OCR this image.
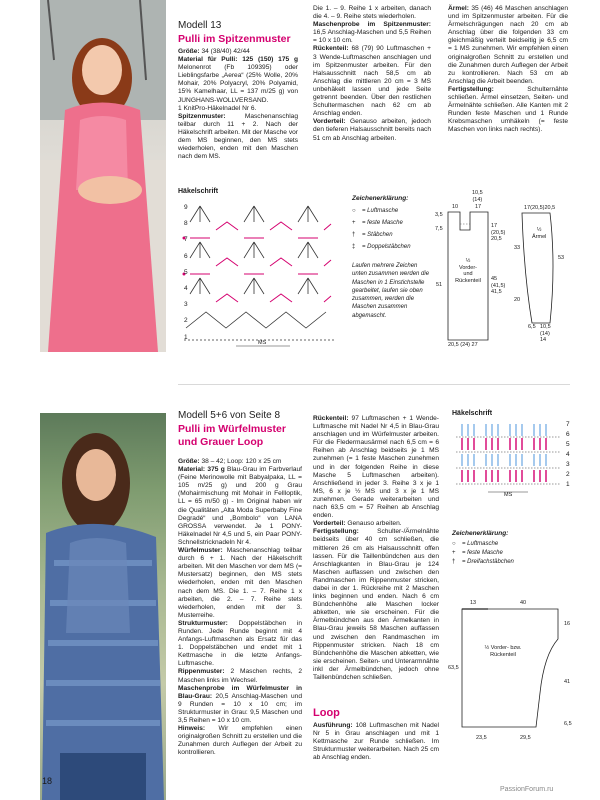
Modell 13
Pulli im Spitzenmuster

Größe: 34 (38/40) 42/44

Material für Pulli: 125 (150) 175 g Melonenrot (Fb 109395) oder Lieblingsfarbe „Aerea“ (25% Wolle, 20% Mohair, 20% Polyacryl, 20% Polyamid, 15% Kamelhaar, LL = 137 m/25 g) von JUNGHANS-WOLLVERSAND.

1 KnitPro-Häkelnadel Nr 6.

Spitzenmuster: Maschenanschlag teilbar durch 11 + 2. Nach der Häkelschrift arbeiten. Mit der Masche vor dem MS beginnen, den MS stets wiederholen, enden mit den Maschen nach dem MS.

Die 1. – 9. Reihe 1 x arbeiten, danach die 4. – 9. Reihe stets wiederholen.

Maschenprobe im Spitzenmuster: 16,5 Anschlag-Maschen und 5,5 Reihen = 10 x 10 cm.

Rückenteil: 68 (79) 90 Luftmaschen + 3 Wende-Luftmaschen anschlagen und im Spitzenmuster arbeiten. Für den Halsausschnitt nach 58,5 cm ab Anschlag die mittleren 20 cm = 3 MS unbehäkelt lassen und jede Seite getrennt beenden. Über den restlichen Schultermaschen nach 62 cm ab Anschlag enden.

Vorderteil: Genauso arbeiten, jedoch den tieferen Halsausschnitt bereits nach 51 cm ab Anschlag arbeiten.

Ärmel: 35 (46) 46 Maschen anschlagen und im Spitzenmuster arbeiten. Für die Ärmelschrägungen nach 20 cm ab Anschlag über die folgenden 33 cm gleichmäßig verteilt beidseitig je 6,5 cm = 1 MS zunehmen. Wir empfehlen einen originalgroßen Schnitt zu erstellen und die Zunahmen durch Auflegen der Arbeit zu kontrollieren. Nach 53 cm ab Anschlag die Arbeit beenden.

Fertigstellung: Schulternähte schließen. Ärmel einsetzen, Seiten- und Ärmelnähte schließen. Alle Kanten mit 2 Runden feste Maschen und 1 Runde Krebsmaschen umhäkeln (= feste Maschen von links nach rechts).

Häkelschrift
9
8
7
6
5
4
3
2
1
MS
Zeichenerklärung:
○ = Luftmasche
+ = feste Masche
† = Stäbchen
‡ = Doppelstäbchen
Laufen mehrere Zeichen unten zusammen werden die Maschen in 1 Einstichstelle gearbeitet, laufen sie oben zusammen, werden die Maschen zusammen abgemascht.
10,5
(14)
17
10
3,5
7,5	17
(20,5)
20,5
45
(41,5)
41,5
51
½
Vorder-
und
Rückenteil
20,5 (24) 27
17(20,5)20,5
½
Ärmel
33
53
20
6,5 10,5
(14)
14
Modell 5+6 von Seite 8
Pulli im Würfelmuster und Grauer Loop

Größe: 38 – 42; Loop: 120 x 25 cm

Material: 375 g Blau-Grau im Farbverlauf (Feine Merinowolle mit Babyalpaka, LL = 105 m/25 g) und 200 g Grau (Mohairmischung mit Mohair in Fellloptik, LL = 65 m/50 g) - Im Original haben wir die Qualitäten „Alta Moda Superbaby Fine Degradé“ und „Bombolo“ von LANA GROSSA verwendet. Je 1 PONY-Häkelnadel Nr 4,5 und 5, ein Paar PONY-Schnellstricknadeln Nr 4.

Würfelmuster: Maschenanschlag teilbar durch 6 + 1. Nach der Häkelschrift arbeiten. Mit den Maschen vor dem MS (= Mustersatz) beginnen, den MS stets wiederholen, enden mit den Maschen nach dem MS. Die 1. – 7. Reihe 1 x arbeiten, die 2. – 7. Reihe stets wiederholen, enden mit der 3. Musterreihe.

Strukturmuster: Doppelstäbchen in Runden. Jede Runde beginnt mit 4 Anfangs-Luftmaschen als Ersatz für das 1. Doppelstäbchen und endet mit 1 Kettmasche in die letzte Anfangs-Luftmasche.

Rippenmuster: 2 Maschen rechts, 2 Maschen links im Wechsel.

Maschenprobe im Würfelmuster in Blau-Grau: 20,5 Anschlag-Maschen und 9 Runden = 10 x 10 cm; im Strukturmuster in Grau: 9,5 Maschen und 3,5 Reihen = 10 x 10 cm.

Hinweis: Wir empfehlen einen originalgroßen Schnitt zu erstellen und die Zunahmen durch Auflegen der Arbeit zu kontrollieren.

Rückenteil: 97 Luftmaschen + 1 Wende-Luftmasche mit Nadel Nr 4,5 in Blau-Grau anschlagen und im Würfelmuster arbeiten. Für die Fledermausärmel nach 6,5 cm = 6 Reihen ab Anschlag beidseits je 1 MS zunehmen (= 1 feste Maschen zunehmen und in der folgenden Reihe in diese Masche 5 Luftmaschen arbeiten). Anschließend in jeder 3. Reihe 3 x je 1 MS, 6 x je ½ MS und 3 x je 1 MS zunehmen. Gerade weiterarbeiten und nach 63,5 cm = 57 Reihen ab Anschlag enden.

Vorderteil: Genauso arbeiten.

Fertigstellung: Schulter-/Ärmelnähte beidseits über 40 cm schließen, die mittleren 26 cm als Halsausschnitt offen lassen. Für die Taillenbündchen aus den Anschlagkanten in Blau-Grau je 124 Maschen auffassen und zwischen den Randmaschen im Rippenmuster stricken, dabei in der 1. Rückreihe mit 2 Maschen links beginnen und enden. Nach 6 cm Bündchenhöhe alle Maschen locker abketten, wie sie erscheinen. Für die Ärmelbündchen aus den Ärmelkanten in Blau-Grau jeweils 58 Maschen auffassen und zwischen den Randmaschen im Rippenmuster stricken. Nach 18 cm Bündchenhöhe die Maschen abketten, wie sie erscheinen. Seiten- und Unterarmnähte inkl der Ärmelbündchen, jedoch ohne Taillenbündchen schließen.

Loop

Ausführung: 108 Luftmaschen mit Nadel Nr 5 in Grau anschlagen und mit 1 Kettmasche zur Runde schließen. Im Strukturmuster weiterarbeiten. Nach 25 cm ab Anschlag enden.

Häkelschrift
7
6
5
4
3
2
1
MS
Zeichenerklärung:
○ = Luftmasche
+ = feste Masche
† = Dreifachstäbchen
13	40
16
63,5
½ Vorder- bzw.
Rückenteil
41
23,5	29,5
6,5
18
PassionForum.ru
